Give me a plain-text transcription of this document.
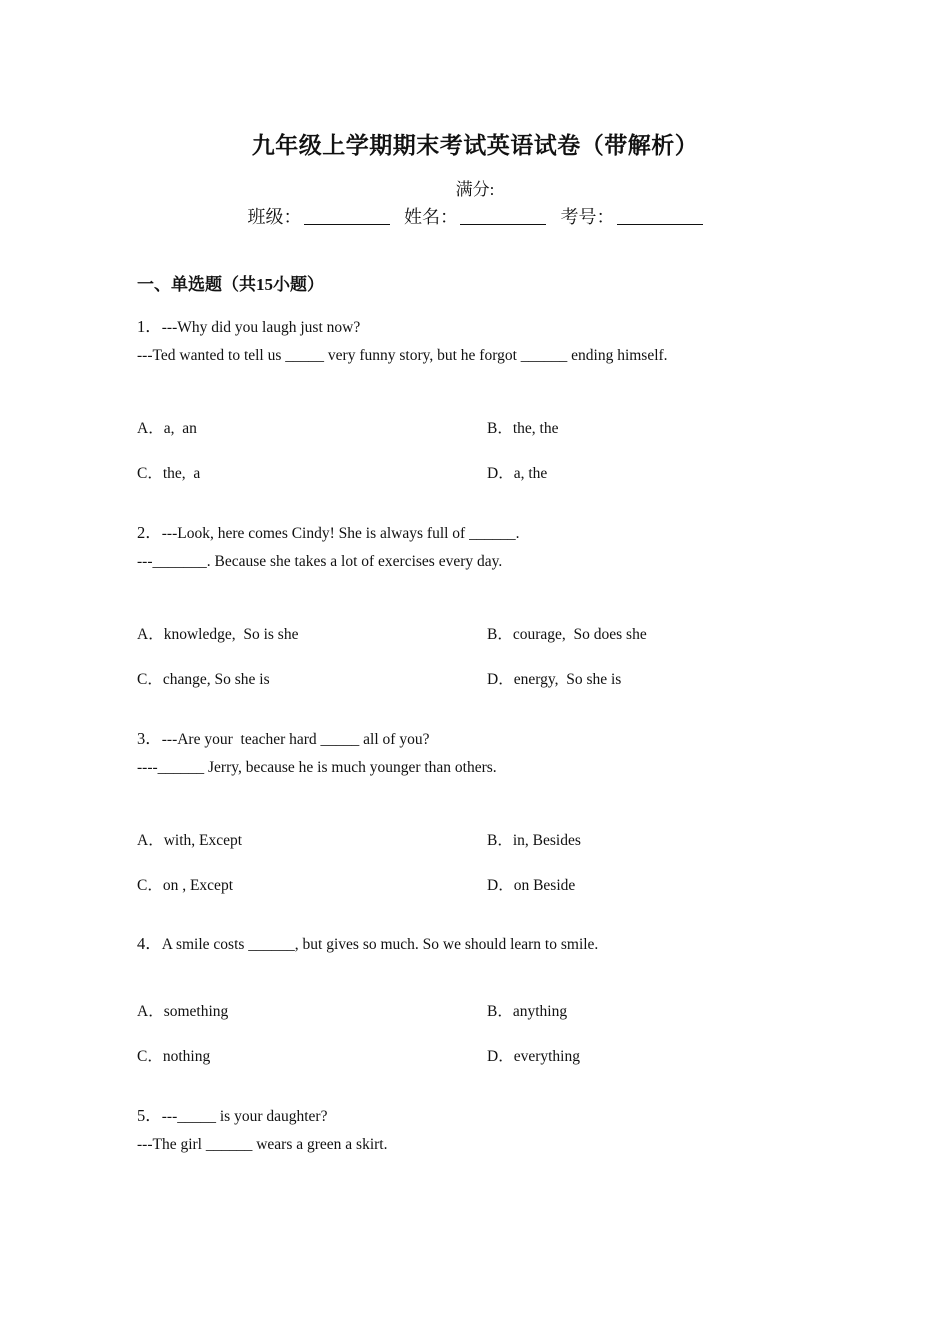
九年级上学期期末考试英语试卷（带解析）
满分:
班级：	姓名：	考号：
一、单选题（共15小题）
1．---Why did you laugh just now?
---Ted wanted to tell us _____ very funny story, but he forgot ______ ending himself.
A．a,  an	B．the, the
C．the,  a	D．a, the
2．---Look, here comes Cindy! She is always full of ______.
---_______. Because she takes a lot of exercises every day.
A．knowledge,  So is she	B．courage,  So does she
C．change, So she is	D．energy,  So she is
3．---Are your  teacher hard _____ all of you?
----______ Jerry, because he is much younger than others.
A．with, Except	B．in, Besides
C．on , Except	D．on Beside
4．A smile costs ______, but gives so much. So we should learn to smile.
A．something	B．anything
C．nothing	D．everything
5．---_____ is your daughter?
---The girl ______ wears a green a skirt.
